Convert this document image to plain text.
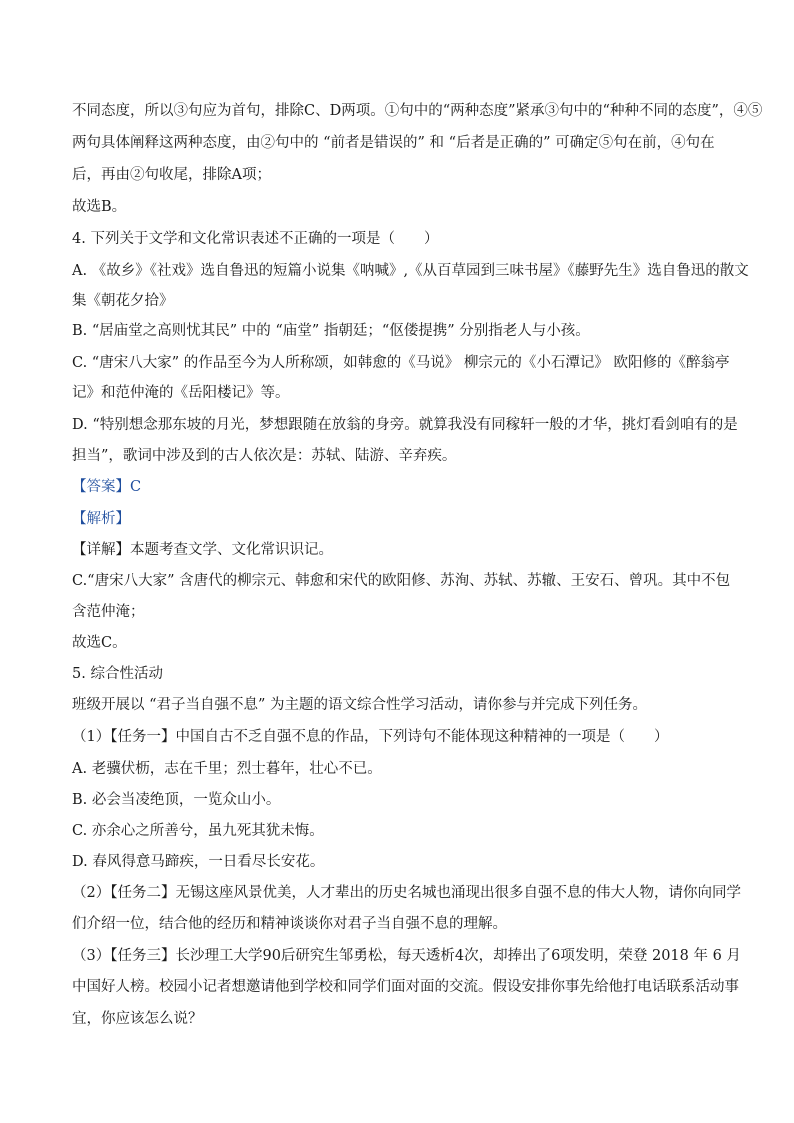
不同态度，所以③句应为首句，排除C、D两项。①句中的“两种态度”紧承③句中的“种种不同的态度”，④⑤
两句具体阐释这两种态度，由②句中的 “前者是错误的” 和 “后者是正确的” 可确定⑤句在前，④句在
后，再由②句收尾，排除A项；
故选B。
4. 下列关于文学和文化常识表述不正确的一项是（　　）
A. 《故乡》《社戏》选自鲁迅的短篇小说集《呐喊》,《从百草园到三味书屋》《藤野先生》选自鲁迅的散文
集《朝花夕拾》
B. “居庙堂之高则忧其民” 中的 “庙堂” 指朝廷；“伛偻提携” 分别指老人与小孩。
C. “唐宋八大家” 的作品至今为人所称颂，如韩愈的《马说》 柳宗元的《小石潭记》 欧阳修的《醉翁亭
记》和范仲淹的《岳阳楼记》等。
D. “特别想念那东坡的月光，梦想跟随在放翁的身旁。就算我没有同稼轩一般的才华，挑灯看剑咱有的是
担当”，歌词中涉及到的古人依次是：苏轼、陆游、辛弃疾。
【答案】C
【解析】
【详解】本题考查文学、文化常识识记。
C.“唐宋八大家” 含唐代的柳宗元、韩愈和宋代的欧阳修、苏洵、苏轼、苏辙、王安石、曾巩。其中不包
含范仲淹；
故选C。
5. 综合性活动
班级开展以 “君子当自强不息” 为主题的语文综合性学习活动，请你参与并完成下列任务。
（1）【任务一】中国自古不乏自强不息的作品，下列诗句不能体现这种精神的一项是（　　）
A. 老骥伏枥，志在千里；烈士暮年，壮心不已。
B. 必会当凌绝顶，一览众山小。
C. 亦余心之所善兮，虽九死其犹未悔。
D. 春风得意马蹄疾，一日看尽长安花。
（2）【任务二】无锡这座风景优美，人才辈出的历史名城也涌现出很多自强不息的伟大人物，请你向同学
们介绍一位，结合他的经历和精神谈谈你对君子当自强不息的理解。
（3）【任务三】长沙理工大学90后研究生邹勇松，每天透析4次，却捧出了6项发明，荣登 2018 年 6 月
中国好人榜。校园小记者想邀请他到学校和同学们面对面的交流。假设安排你事先给他打电话联系活动事
宜，你应该怎么说？
